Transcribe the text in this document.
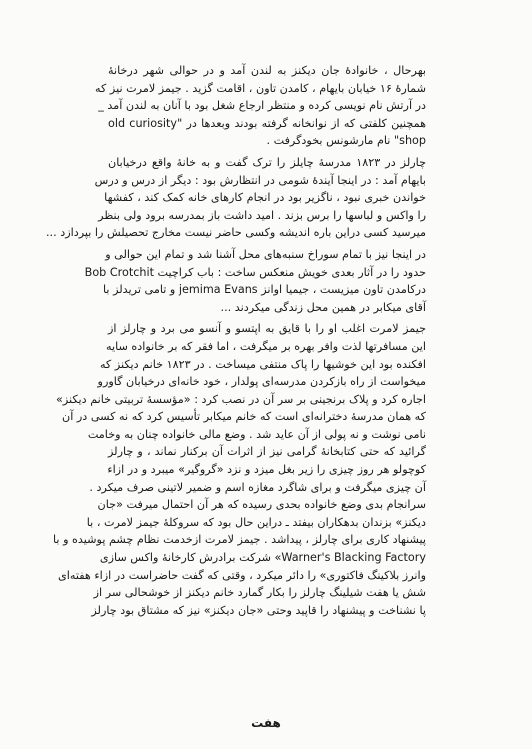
بهرحال ، خانوادهٔ جان دیکنز به لندن آمد و در حوالی شهر درخانهٔ
شمارهٔ ۱۶ خیابان بایهام ، کامدن تاون ، اقامت گزید . جیمز لامرت نیز که
در آرتش نام نویسی کرده و منتظر ارجاع شغل بود با آنان به لندن آمد _
همچنین کلفتی که از نوانخانه گرفته بودند وبعدها در "old curiosity
shop" نام مارشونس بخودگرفت .
چارلز در ۱۸۲۳ مدرسهٔ چایلز را ترک گفت و به خانهٔ واقع درخیابان
بایهام آمد : در اینجا آیندهٔ شومی در انتظارش بود : دیگر از درس و درس
خواندن خبری نبود ، ناگزیر بود در انجام کارهای خانه کمک کند ، کفشها
را واکس و لباسها را برس بزند . امید داشت باز بمدرسه برود ولی بنظر
میرسید کسی دراین باره اندیشه وکسی حاضر نیست مخارج تحصیلش را بپردازد ...
در اینجا نیز با تمام سوراخ سنبه‌های محل آشنا شد و تمام این حوالی و
حدود را در آثار بعدی خویش منعکس ساخت : باب کراچیت Bob Crotchit
درکامدن تاون میزیست ، جیمیا اوانز jemima Evans و تامی تریدلز با
آقای میکابر در همین محل زندگی میکردند ...
جیمز لامرت اغلب او را با قایق به اپتسو و آنسو می برد و چارلز از
این مسافرتها لذت وافر بهره بر میگرفت ، اما فقر که بر خانواده سایه
افکنده بود این خوشیها را پاک منتفی میساخت . در ۱۸۲۳ خانم دیکنز که
میخواست از راه بازکردن مدرسه‌ای پولدار ، خود خانه‌ای درخیابان گاورو
اجاره کرد و پلاک برنجینی بر سر آن در نصب کرد : «مؤسسهٔ تربیتی خانم دیکنز»
که همان مدرسهٔ دخترانه‌ای است که خانم میکابر تأسیس کرد که نه کسی در آن
نامی نوشت و نه پولی از آن عاید شد . وضع مالی خانواده چنان به وخامت
گرائید که حتی کتابخانهٔ گرامی نیز از اثرات آن برکنار نماند ، و چارلز
کوچولو هر روز چیزی را زیر بغل میزد و نزد «گروگیر» میبرد و در ازاء
آن چیزی میگرفت و برای شاگرد مغازه اسم و ضمیر لاتینی صرف میکرد .
سرانجام بدی وضع خانواده بحدی رسیده که هر آن احتمال میرفت «جان
دیکنز» بزندان بدهکاران بیفتد ـ دراین حال بود که سروکلهٔ جیمز لامرت ، با
پیشنهاد کاری برای چارلز ، پیداشد . جیمز لامرت ازخدمت نظام چشم پوشیده و با
Warner's Blacking Factory» شرکت برادرش کارخانهٔ واکس سازی
وانرز بلاکینگ فاکتوری» را دائر میکرد ، وقتی که گفت حاضراست در ازاء هفته‌ای
شش یا هفت شیلینگ چارلز را بکار گمارد خانم دیکنز از خوشحالی سر از
پا نشناخت و پیشنهاد را قاپید وحتی «جان دیکنز» نیز که مشتاق بود چارلز
هفت
